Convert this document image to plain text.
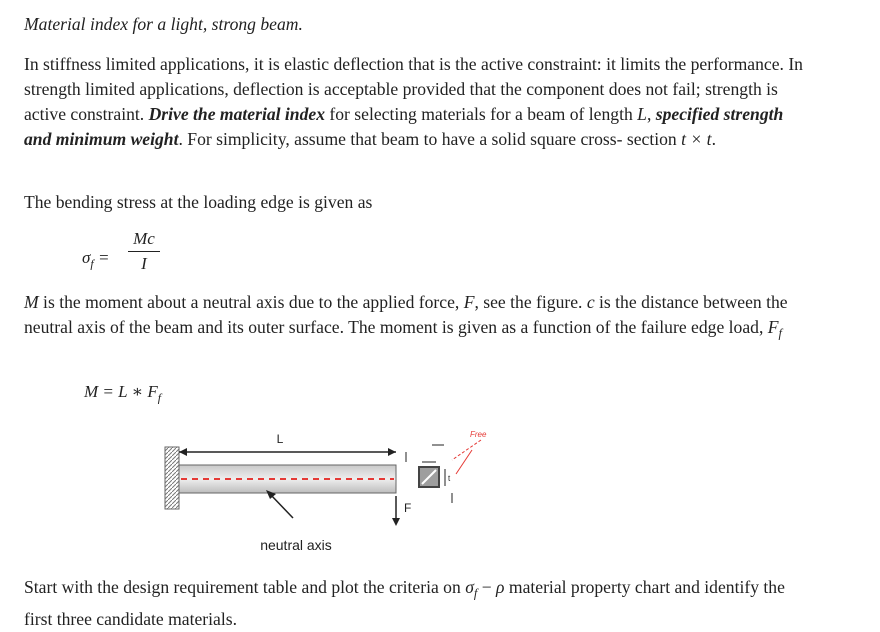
Material index for a light, strong beam.
In stiffness limited applications, it is elastic deflection that is the active constraint: it limits the performance. In strength limited applications, deflection is acceptable provided that the component does not fail; strength is active constraint. Drive the material index for selecting materials for a beam of length L, specified strength and minimum weight. For simplicity, assume that beam to have a solid square cross- section t × t.
The bending stress at the loading edge is given as
$\sigma_f$ =
Mc
I
M is the moment about a neutral axis due to the applied force, F, see the figure. c is the distance between the neutral axis of the beam and its outer surface. The moment is given as a function of the failure edge load, $F_f$
M = L ∗ $F_f$
L
F
neutral axis
t
Free
Start with the design requirement table and plot the criteria on $\sigma_f - \rho$ material property chart and identify the first three candidate materials.
